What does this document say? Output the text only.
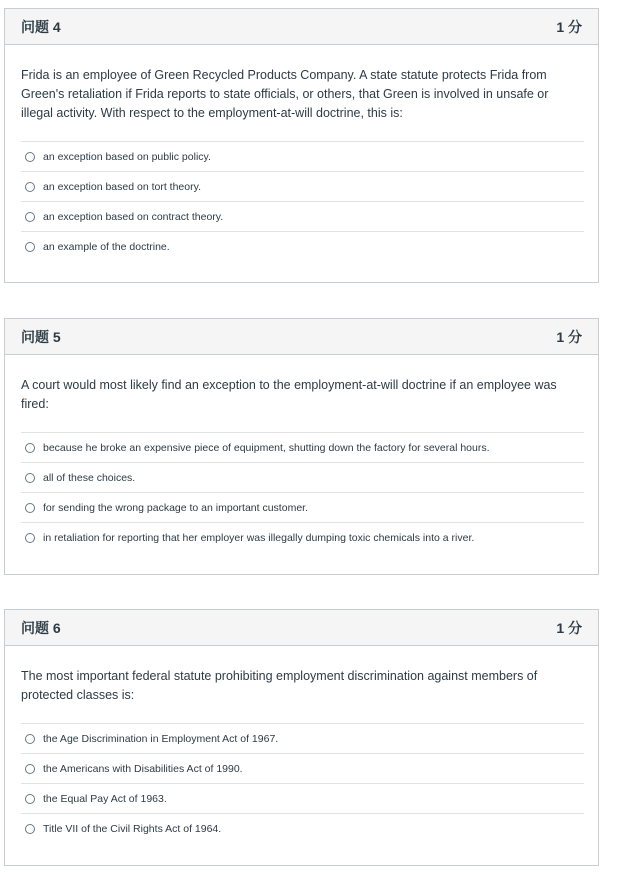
问题 4	1 分

Frida is an employee of Green Recycled Products Company. A state statute protects Frida from Green's retaliation if Frida reports to state officials, or others, that Green is involved in unsafe or illegal activity. With respect to the employment-at-will doctrine, this is:

an exception based on public policy.
an exception based on tort theory.
an exception based on contract theory.
an example of the doctrine.
问题 5	1 分

A court would most likely find an exception to the employment-at-will doctrine if an employee was fired:

because he broke an expensive piece of equipment, shutting down the factory for several hours.
all of these choices.
for sending the wrong package to an important customer.
in retaliation for reporting that her employer was illegally dumping toxic chemicals into a river.
问题 6	1 分

The most important federal statute prohibiting employment discrimination against members of protected classes is:

the Age Discrimination in Employment Act of 1967.
the Americans with Disabilities Act of 1990.
the Equal Pay Act of 1963.
Title VII of the Civil Rights Act of 1964.
